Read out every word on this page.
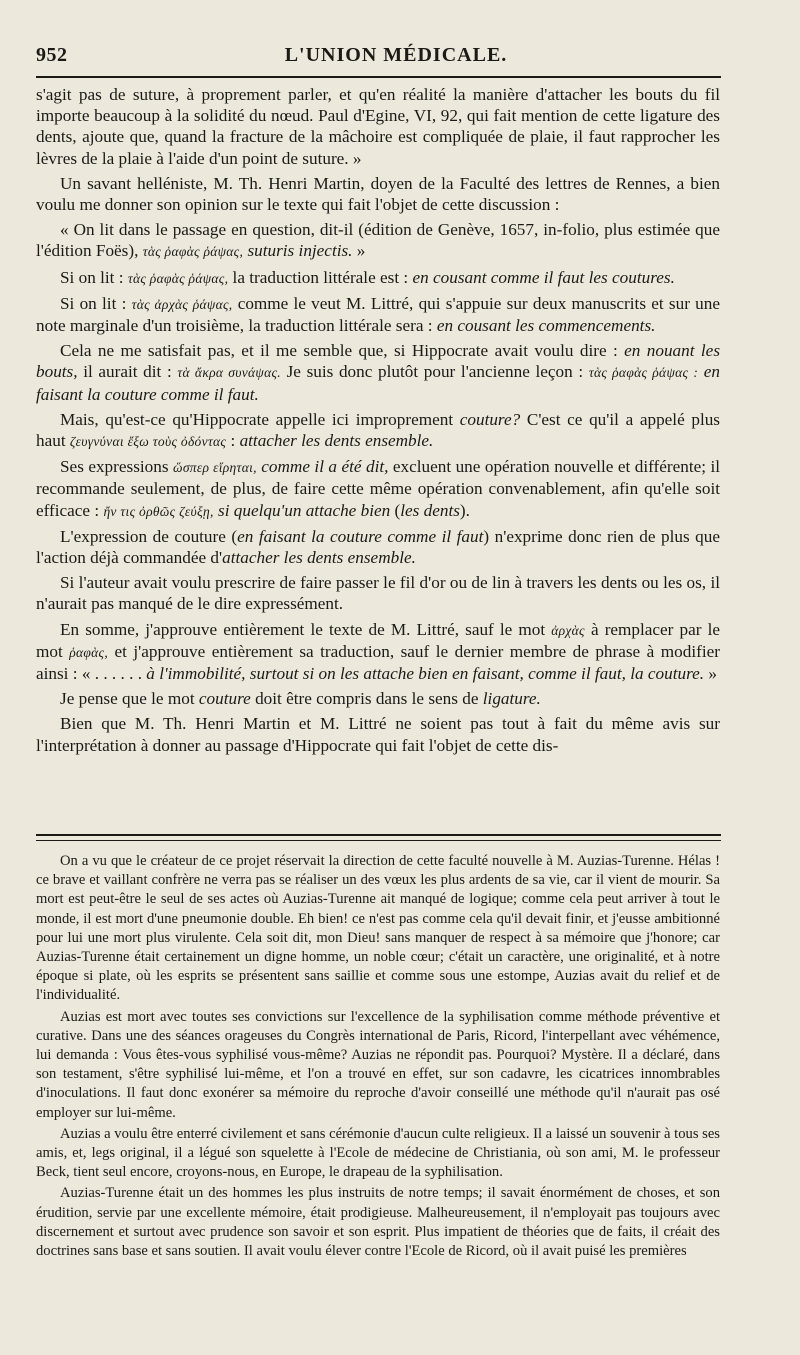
952	L'UNION MÉDICALE.

s'agit pas de suture, à proprement parler, et qu'en réalité la manière d'attacher les bouts du fil importe beaucoup à la solidité du nœud. Paul d'Egine, VI, 92, qui fait mention de cette ligature des dents, ajoute que, quand la fracture de la mâchoire est compliquée de plaie, il faut rapprocher les lèvres de la plaie à l'aide d'un point de suture. »

Un savant helléniste, M. Th. Henri Martin, doyen de la Faculté des lettres de Rennes, a bien voulu me donner son opinion sur le texte qui fait l'objet de cette discussion :

« On lit dans le passage en question, dit-il (édition de Genève, 1657, in-folio, plus estimée que l'édition Foës), τὰς ῥαφὰς ῥάψας, suturis injectis. »

Si on lit : τὰς ῥαφὰς ῥάψας, la traduction littérale est : en cousant comme il faut les coutures.

Si on lit : τὰς ἀρχὰς ῥάψας, comme le veut M. Littré, qui s'appuie sur deux manuscrits et sur une note marginale d'un troisième, la traduction littérale sera : en cousant les commencements.

Cela ne me satisfait pas, et il me semble que, si Hippocrate avait voulu dire : en nouant les bouts, il aurait dit : τὰ ἄκρα συνάψας. Je suis donc plutôt pour l'ancienne leçon : τὰς ῥαφὰς ῥάψας : en faisant la couture comme il faut.

Mais, qu'est-ce qu'Hippocrate appelle ici improprement couture? C'est ce qu'il a appelé plus haut ζευγνύναι ἔξω τοὺς ὀδόντας : attacher les dents ensemble.

Ses expressions ὥσπερ εἴρηται, comme il a été dit, excluent une opération nouvelle et différente; il recommande seulement, de plus, de faire cette même opération convenablement, afin qu'elle soit efficace : ἤν τις ὀρθῶς ζεύξῃ, si quelqu'un attache bien (les dents).

L'expression de couture (en faisant la couture comme il faut) n'exprime donc rien de plus que l'action déjà commandée d'attacher les dents ensemble.

Si l'auteur avait voulu prescrire de faire passer le fil d'or ou de lin à travers les dents ou les os, il n'aurait pas manqué de le dire expressément.

En somme, j'approuve entièrement le texte de M. Littré, sauf le mot ἀρχὰς à remplacer par le mot ῥαφὰς, et j'approuve entièrement sa traduction, sauf le dernier membre de phrase à modifier ainsi : « . . . . . . à l'immobilité, surtout si on les attache bien en faisant, comme il faut, la couture. »

Je pense que le mot couture doit être compris dans le sens de ligature.

Bien que M. Th. Henri Martin et M. Littré ne soient pas tout à fait du même avis sur l'interprétation à donner au passage d'Hippocrate qui fait l'objet de cette dis-

On a vu que le créateur de ce projet réservait la direction de cette faculté nouvelle à M. Auzias-Turenne. Hélas ! ce brave et vaillant confrère ne verra pas se réaliser un des vœux les plus ardents de sa vie, car il vient de mourir. Sa mort est peut-être le seul de ses actes où Auzias-Turenne ait manqué de logique; comme cela peut arriver à tout le monde, il est mort d'une pneumonie double. Eh bien! ce n'est pas comme cela qu'il devait finir, et j'eusse ambitionné pour lui une mort plus virulente. Cela soit dit, mon Dieu! sans manquer de respect à sa mémoire que j'honore; car Auzias-Turenne était certainement un digne homme, un noble cœur; c'était un caractère, une originalité, et à notre époque si plate, où les esprits se présentent sans saillie et comme sous une estompe, Auzias avait du relief et de l'individualité.

Auzias est mort avec toutes ses convictions sur l'excellence de la syphilisation comme méthode préventive et curative. Dans une des séances orageuses du Congrès international de Paris, Ricord, l'interpellant avec véhémence, lui demanda : Vous êtes-vous syphilisé vous-même? Auzias ne répondit pas. Pourquoi? Mystère. Il a déclaré, dans son testament, s'être syphilisé lui-même, et l'on a trouvé en effet, sur son cadavre, les cicatrices innombrables d'inoculations. Il faut donc exonérer sa mémoire du reproche d'avoir conseillé une méthode qu'il n'aurait pas osé employer sur lui-même.

Auzias a voulu être enterré civilement et sans cérémonie d'aucun culte religieux. Il a laissé un souvenir à tous ses amis, et, legs original, il a légué son squelette à l'Ecole de médecine de Christiania, où son ami, M. le professeur Beck, tient seul encore, croyons-nous, en Europe, le drapeau de la syphilisation.

Auzias-Turenne était un des hommes les plus instruits de notre temps; il savait énormément de choses, et son érudition, servie par une excellente mémoire, était prodigieuse. Malheureusement, il n'employait pas toujours avec discernement et surtout avec prudence son savoir et son esprit. Plus impatient de théories que de faits, il créait des doctrines sans base et sans soutien. Il avait voulu élever contre l'Ecole de Ricord, où il avait puisé les premières
